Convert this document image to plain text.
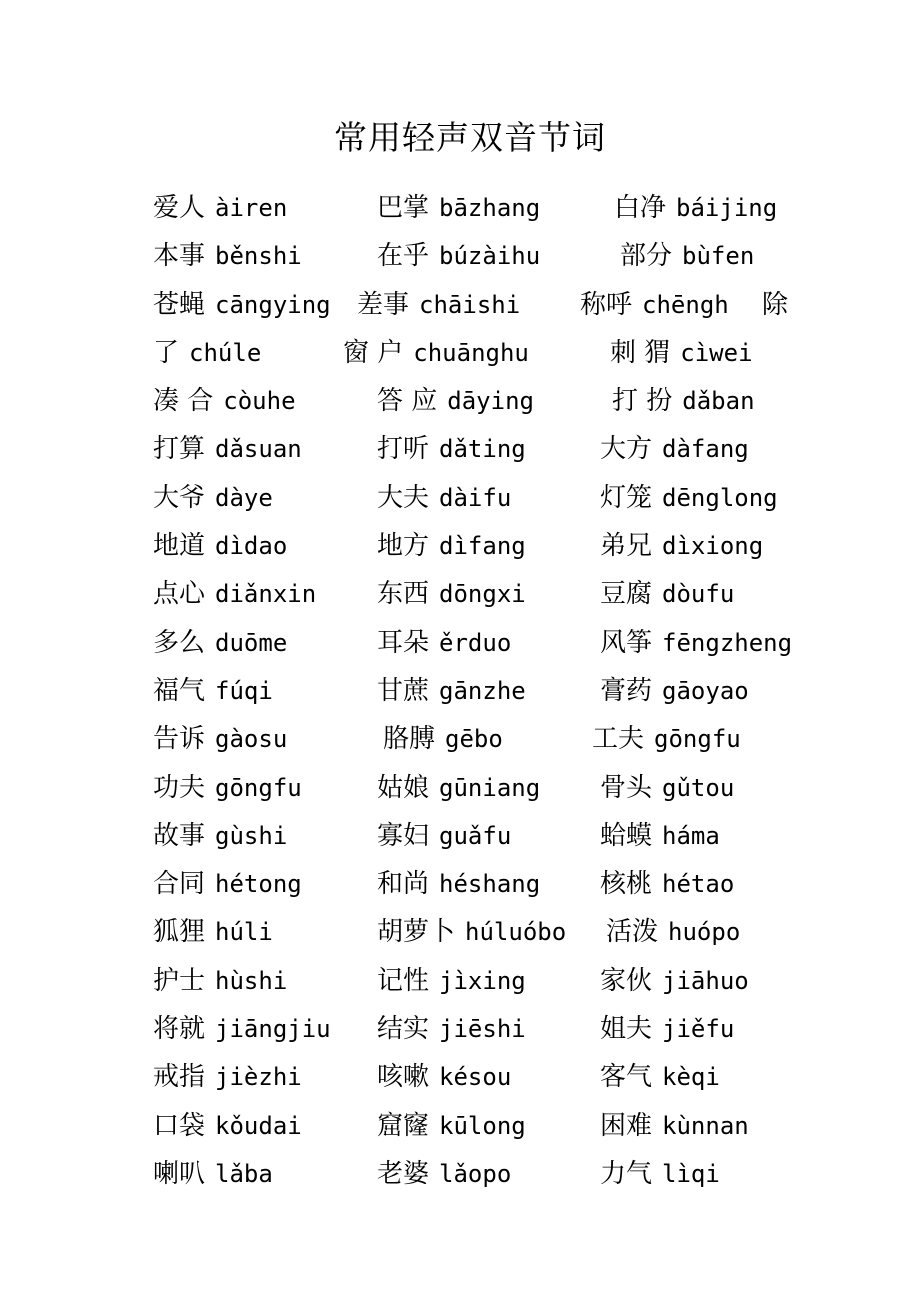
常用轻声双音节词
爱人 àiren	巴掌 bāzhang	白净 báijing
本事 běnshi	在乎 búzàihu	部分 bùfen
苍蝇 cāngying 差事 chāishi 称呼 chēngh 除
了 chúle	窗 户 chuānghu	刺 猬 cìwei
凑 合 còuhe	答 应 dāying	打 扮 dǎban
打算 dǎsuan	打听 dǎting	大方 dàfang
大爷 dàye	大夫 dàifu	灯笼 dēnglong
地道 dìdao	地方 dìfang	弟兄 dìxiong
点心 diǎnxin 东西 dōngxi	豆腐 dòufu
多么 duōme	耳朵 ěrduo	风筝 fēngzheng
福气 fúqi	甘蔗 gānzhe	膏药 gāoyao
告诉 gàosu	胳膊 gēbo	工夫 gōngfu
功夫 gōngfu	姑娘 gūniang 骨头 gǔtou
故事 gùshi	寡妇 guǎfu	蛤蟆 háma
合同 hétong	和尚 héshang 核桃 hétao
狐狸 húli	胡萝卜 húluóbo 活泼 huópo
护士 hùshi	记性 jìxing	家伙 jiāhuo
将就 jiāngjiu 结实 jiēshi	姐夫 jiěfu
戒指 jièzhi	咳嗽 késou	客气 kèqi
口袋 kǒudai	窟窿 kūlong	困难 kùnnan
喇叭 lǎba	老婆 lǎopo	力气 lìqi
